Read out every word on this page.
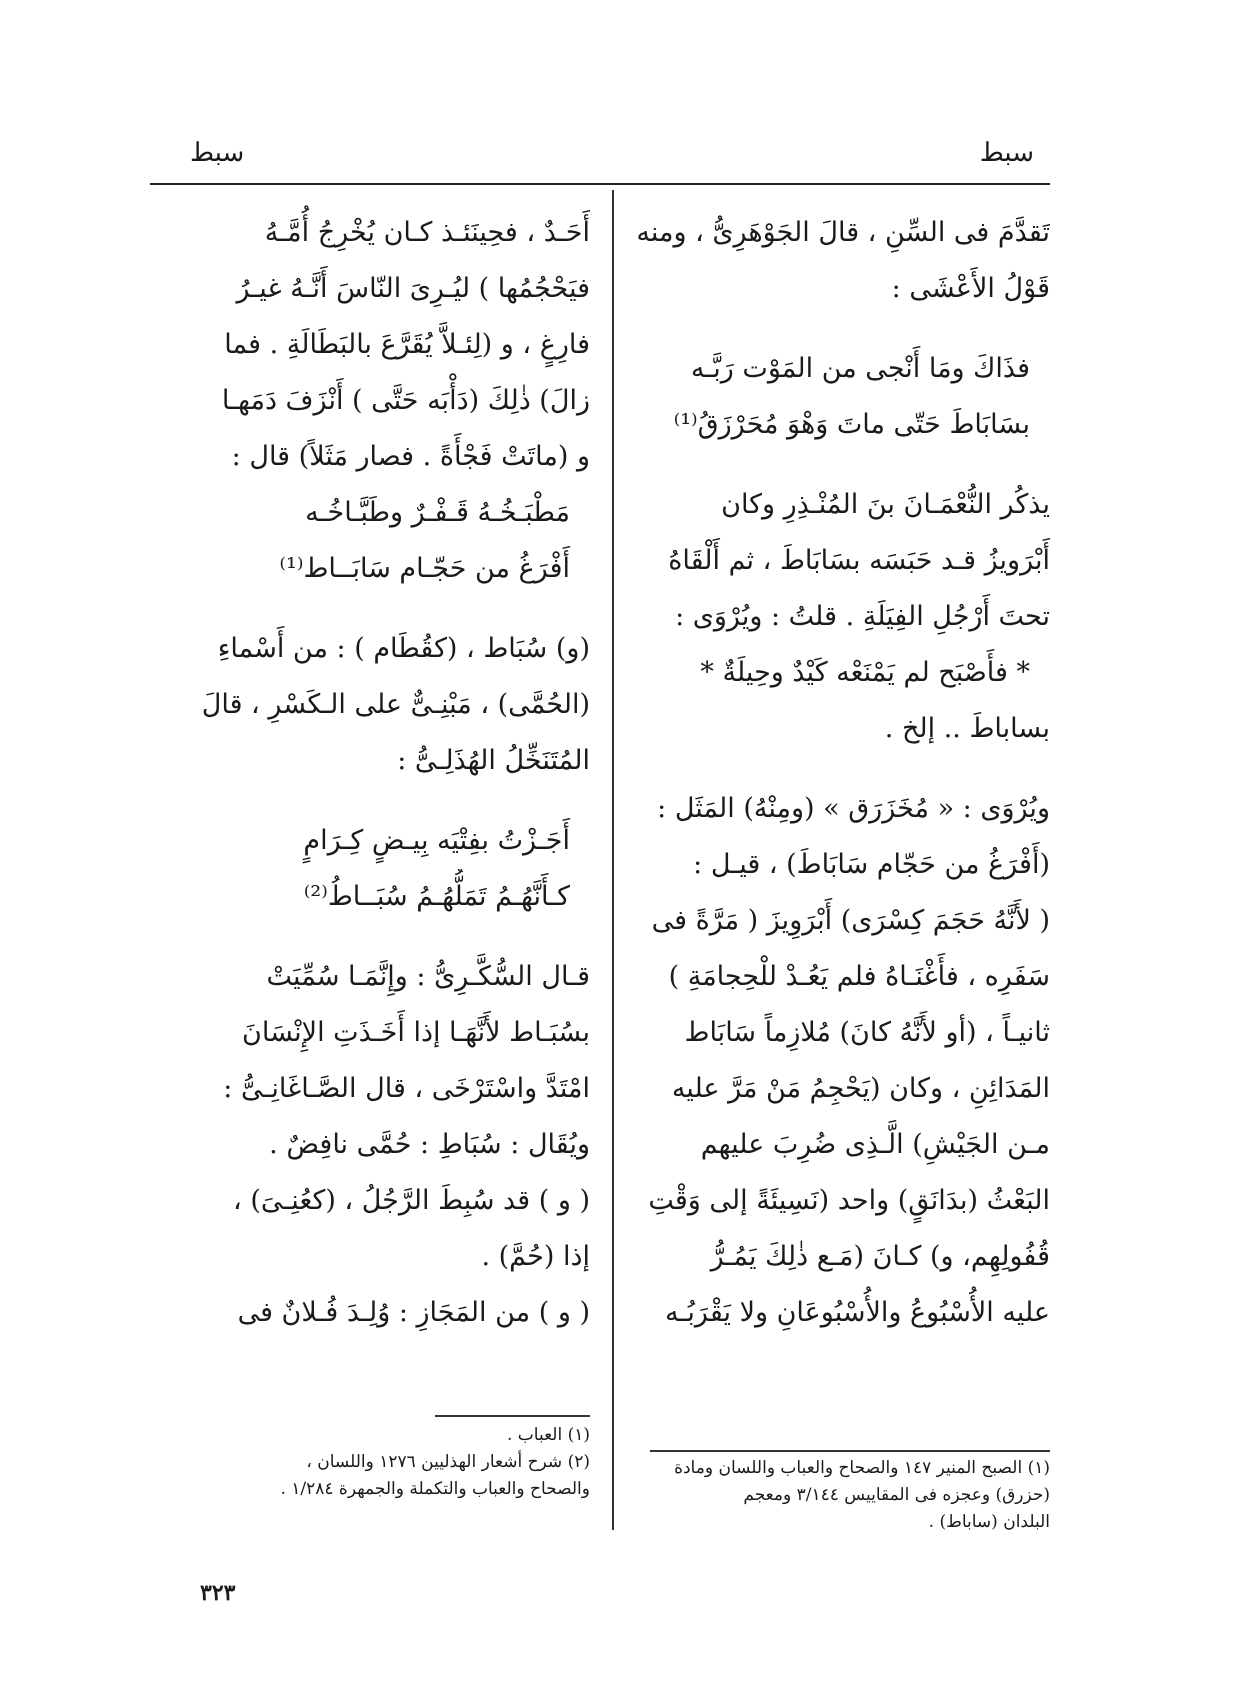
سبط
سبط
تَقدَّمَ فى السِّنِ ، قالَ الجَوْهَرِىُّ ، ومنه
قَوْلُ الأَعْشَى :
فذَاكَ ومَا أَنْجى من المَوْت رَبَّـه
بسَابَاطَ حَتّى ماتَ وَهْوَ مُحَرْزَقُ⁽¹⁾
يذكُر النُّعْمَـانَ بنَ المُنْـذِرِ وكان
أَبْرَويزُ قـد حَبَسَه بسَابَاطَ ، ثم أَلْقَاهُ
تحتَ أَرْجُلِ الفِيَلَةِ . قلتُ : ويُرْوَى :
* فأَصْبَح لم يَمْنَعْه كَيْدٌ وحِيلَةٌ *
بساباطَ .. إلخ .
ويُرْوَى : « مُخَزَرَق » (ومِنْهُ) المَثَل :
(أَفْرَغُ من حَجّام سَابَاطَ) ، قيـل :
( لأَنَّهُ حَجَمَ كِسْرَى) أَبْرَوِيزَ ( مَرَّةً فى
سَفَرِه ، فأَغْنَـاهُ فلم يَعُـدْ للْحِجامَةِ )
ثانيـاً ، (أو لأَنَّهُ كانَ) مُلازِماً سَابَاط
المَدَائِنِ ، وكان (يَحْجِمُ مَنْ مَرَّ عليه
مـن الجَيْشِ) الَّـذِى ضُرِبَ عليهم
البَعْثُ (بدَانَقٍ) واحد (نَسِيئَةً إلى وَقْتِ
قُفُولِهِم، و) كـانَ (مَـع ذٰلِكَ يَمُـرُّ
عليه الأُسْبُوعُ والأُسْبُوعَانِ ولا يَقْرَبُـه
أَحَـدٌ ، فحِينَئـذ كـان يُخْرِجُ أُمَّـهُ
فيَحْجُمُها ) ليُـرِىَ النّاسَ أَنَّـهُ غيـرُ
فارِغٍ ، و (لِئـلاَّ يُقَرَّعَ بالبَطَالَةِ . فما
زالَ) ذٰلِكَ (دَأْبَه حَتَّى ) أَنْزَفَ دَمَهـا
و (ماتَتْ فَجْأَةً . فصار مَثَلاً) قال :
مَطْبَـخُـهُ قَـفْـرٌ وطَبَّـاخُـه
أَفْرَغُ من حَجّـام سَابَــاط⁽¹⁾
(و) سُبَاط ، (كقُطَام ) : من أَسْماءِ
(الحُمَّى) ، مَبْنِـىٌّ على الـكَسْرِ ، قالَ
المُتَنَخِّلُ الهُذَلِـىُّ :
أَجَـزْتُ بفِتْيَه بِيـضٍ كِـرَامٍ
كـأَنَّهُـمُ تَمَلُّهُـمُ سُبَــاطُ⁽²⁾
قـال السُّكَّـرِىُّ : وإِنَّمَـا سُمِّيَتْ
بسُبَـاط لأَنَّهَـا إذا أَخَـذَتِ الإِنْسَانَ
امْتَدَّ واسْتَرْخَى ، قال الصَّـاغَانِـىُّ :
ويُقَال : سُبَاطِ : حُمَّى نافِضٌ .
( و ) قد سُبِطَ الرَّجُلُ ، (كعُنِـىَ) ،
إذا (حُمَّ) .
( و ) من المَجَازِ : وُلِـدَ فُـلانٌ فى
(١) الصبح المنير ١٤٧ والصحاح والعباب واللسان ومادة
(حزرق) وعجزه فى المقاييس ٣/١٤٤ ومعجم
البلدان (ساباط) .
(١) العباب .
(٢) شرح أشعار الهذليين ١٢٧٦ واللسان ،
والصحاح والعباب والتكملة والجمهرة ١/٢٨٤ .
٣٢٣
